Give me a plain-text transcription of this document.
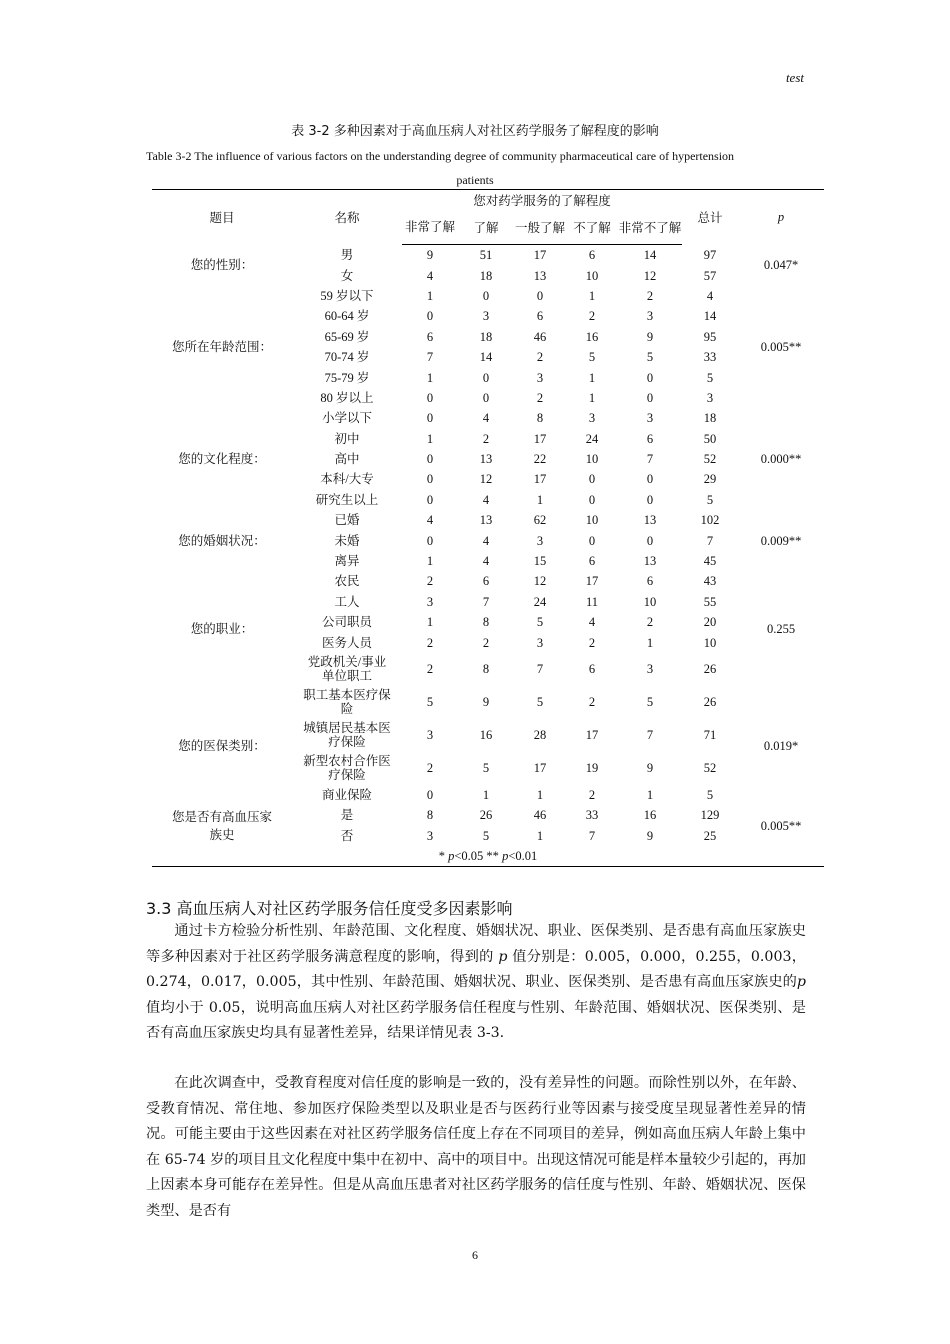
test
表 3-2 多种因素对于高血压病人对社区药学服务了解程度的影响
Table 3-2 The influence of various factors on the understanding degree of community pharmaceutical care of hypertension
patients
题目	名称	您对药学服务的了解程度					总计	p
		非常了解	了解	一般了解	不了解	非常不了解		
您的性别：	男	9	51	17	6	14	97	0.047*
	女	4	18	13	10	12	57	
您所在年龄范围：	59 岁以下	1	0	0	1	2	4	0.005**
	60-64 岁	0	3	6	2	3	14	
	65-69 岁	6	18	46	16	9	95	
	70-74 岁	7	14	2	5	5	33	
	75-79 岁	1	0	3	1	0	5	
	80 岁以上	0	0	2	1	0	3	
您的文化程度：	小学以下	0	4	8	3	3	18	0.000**
	初中	1	2	17	24	6	50	
	高中	0	13	22	10	7	52	
	本科/大专	0	12	17	0	0	29	
	研究生以上	0	4	1	0	0	5	
您的婚姻状况：	已婚	4	13	62	10	13	102	0.009**
	未婚	0	4	3	0	0	7	
	离异	1	4	15	6	13	45	
您的职业：	农民	2	6	12	17	6	43	0.255
	工人	3	7	24	11	10	55	
	公司职员	1	8	5	4	2	20	
	医务人员	2	2	3	2	1	10	
	党政机关/事业单位职工	2	8	7	6	3	26	
您的医保类别：	职工基本医疗保险	5	9	5	2	5	26	0.019*
	城镇居民基本医疗保险	3	16	28	17	7	71	
	新型农村合作医疗保险	2	5	17	19	9	52	
	商业保险	0	1	1	2	1	5	
您是否有高血压家族史	是	8	26	46	33	16	129	0.005**
	否	3	5	1	7	9	25	
* p<0.05 ** p<0.01								
3.3 高血压病人对社区药学服务信任度受多因素影响

通过卡方检验分析性别、年龄范围、文化程度、婚姻状况、职业、医保类别、是否患有高血压家族史等多种因素对于社区药学服务满意程度的影响，得到的 p 值分别是：0.005，0.000，0.255，0.003，0.274，0.017，0.005，其中性别、年龄范围、婚姻状况、职业、医保类别、是否患有高血压家族史的p值均小于 0.05，说明高血压病人对社区药学服务信任程度与性别、年龄范围、婚姻状况、医保类别、是否有高血压家族史均具有显著性差异，结果详情见表 3-3.

在此次调查中，受教育程度对信任度的影响是一致的，没有差异性的问题。而除性别以外，在年龄、受教育情况、常住地、参加医疗保险类型以及职业是否与医药行业等因素与接受度呈现显著性差异的情况。可能主要由于这些因素在对社区药学服务信任度上存在不同项目的差异，例如高血压病人年龄上集中在 65-74 岁的项目且文化程度中集中在初中、高中的项目中。出现这情况可能是样本量较少引起的，再加上因素本身可能存在差异性。但是从高血压患者对社区药学服务的信任度与性别、年龄、婚姻状况、医保类型、是否有

6
